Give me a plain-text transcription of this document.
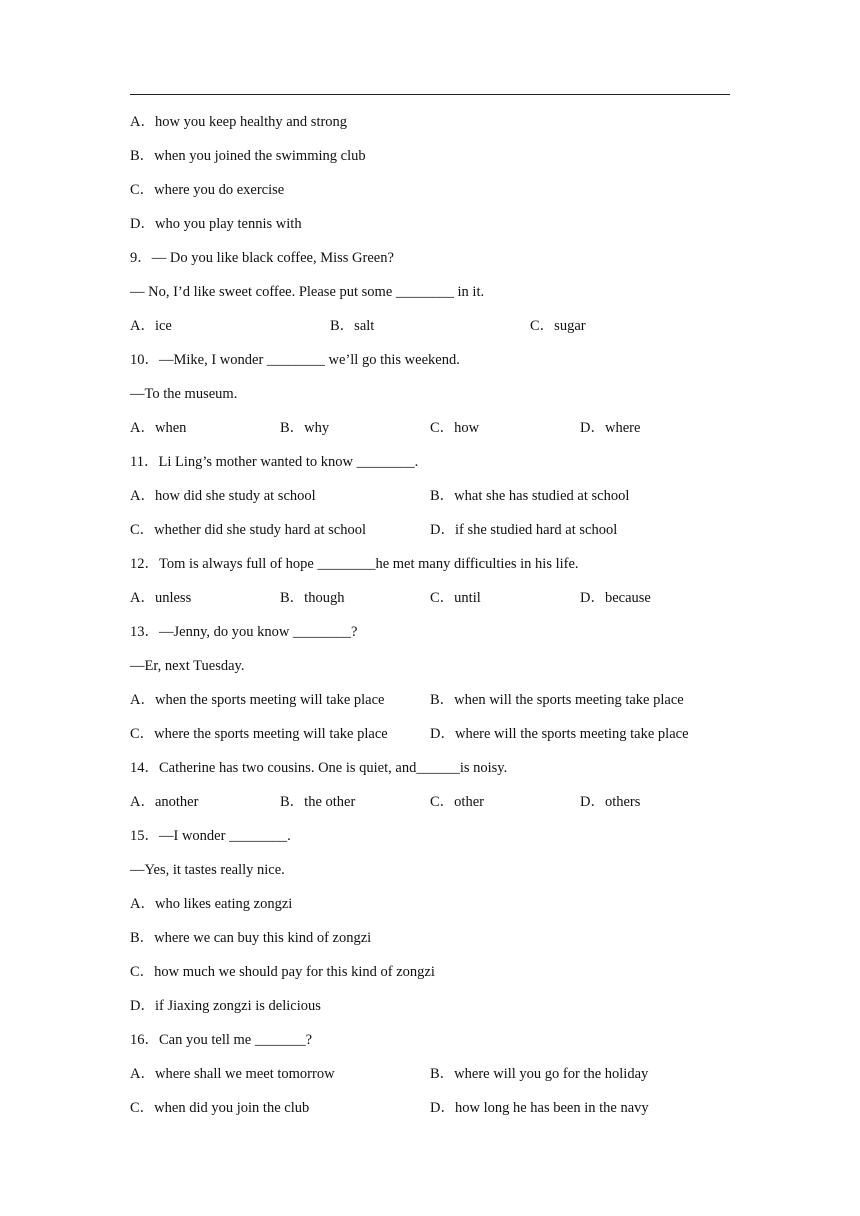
A．how you keep healthy and strong
B．when you joined the swimming club
C．where you do exercise
D．who you play tennis with
9．— Do you like black coffee, Miss Green?
— No, I’d like sweet coffee. Please put some ________ in it.
A．ice	B．salt	C．sugar
10．—Mike, I wonder ________ we’ll go this weekend.
—To the museum.
A．when	B．why	C．how	D．where
11．Li Ling’s mother wanted to know ________.
A．how did she study at school	B．what she has studied at school
C．whether did she study hard at school	D．if she studied hard at school
12．Tom is always full of hope ________he met many difficulties in his life.
A．unless	B．though	C．until	D．because
13．—Jenny, do you know ________?
—Er, next Tuesday.
A．when the sports meeting will take place	B．when will the sports meeting take place
C．where the sports meeting will take place	D．where will the sports meeting take place
14．Catherine has two cousins. One is quiet, and______is noisy.
A．another	B．the other	C．other	D．others
15．—I wonder ________.
—Yes, it tastes really nice.
A．who likes eating zongzi
B．where we can buy this kind of zongzi
C．how much we should pay for this kind of zongzi
D．if Jiaxing zongzi is delicious
16．Can you tell me _______?
A．where shall we meet tomorrow	B．where will you go for the holiday
C．when did you join the club	D．how long he has been in the navy
